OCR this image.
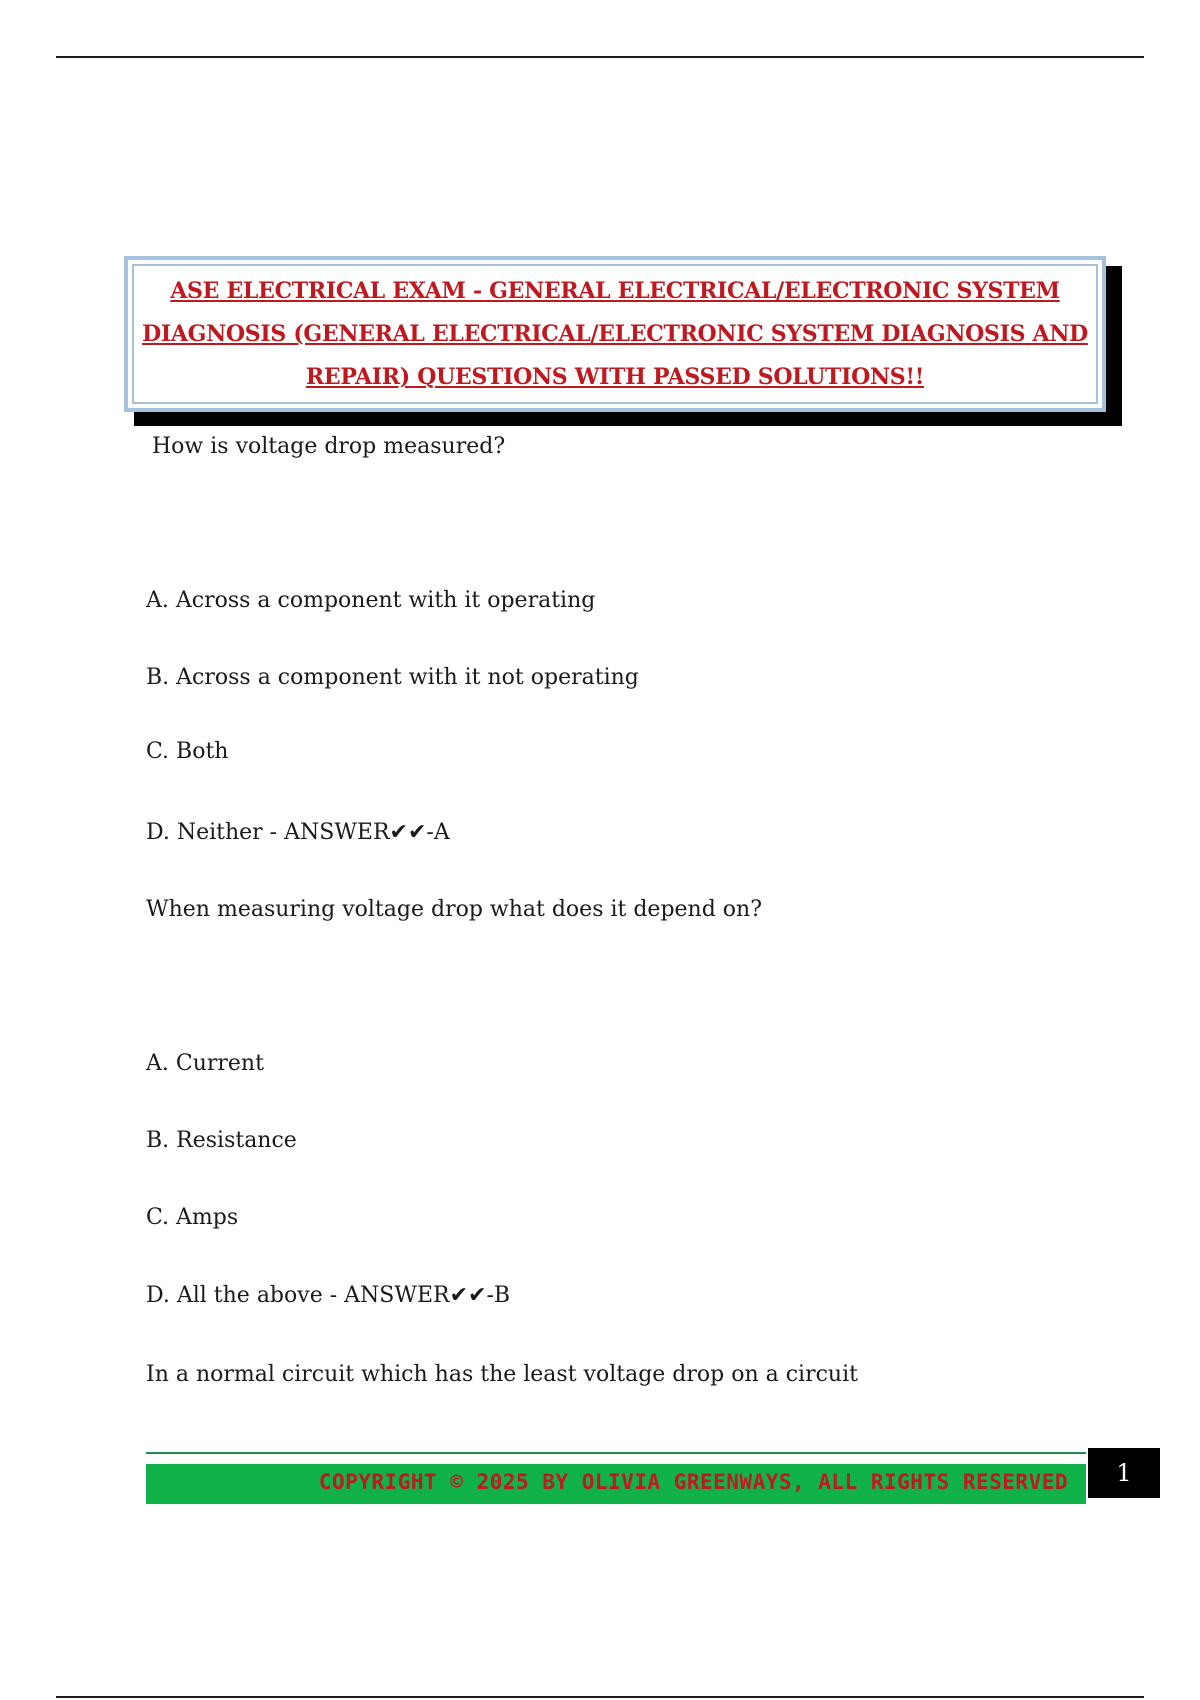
ASE ELECTRICAL EXAM - GENERAL ELECTRICAL/ELECTRONIC SYSTEM
DIAGNOSIS (GENERAL ELECTRICAL/ELECTRONIC SYSTEM DIAGNOSIS AND
REPAIR) QUESTIONS WITH PASSED SOLUTIONS!!
How is voltage drop measured?
A. Across a component with it operating
B. Across a component with it not operating
C. Both
D. Neither - ANSWER✔✔-A
When measuring voltage drop what does it depend on?
A. Current
B. Resistance
C. Amps
D. All the above - ANSWER✔✔-B
In a normal circuit which has the least voltage drop on a circuit
COPYRIGHT © 2025 BY OLIVIA GREENWAYS, ALL RIGHTS RESERVED	1
